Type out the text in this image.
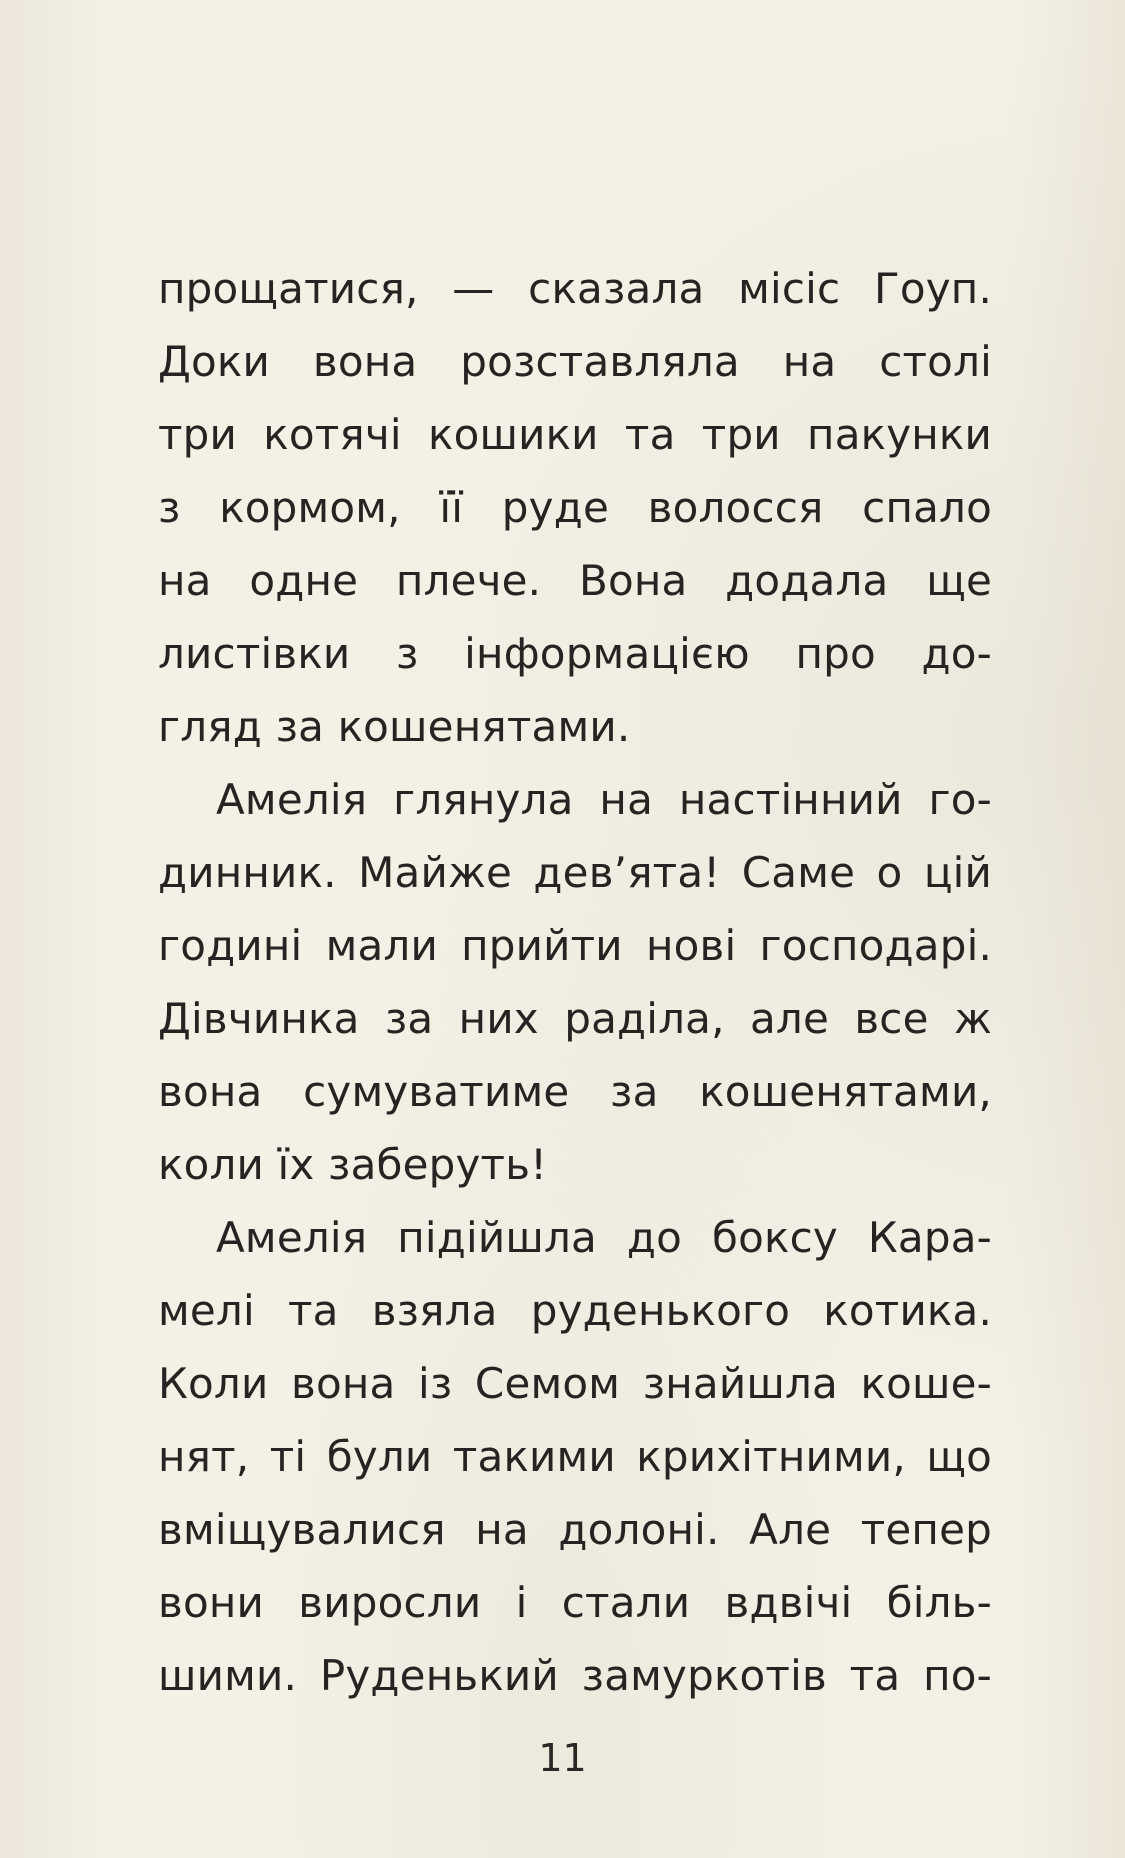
прощатися, — сказала місіс Гоуп.
Доки вона розставляла на столі
три котячі кошики та три пакунки
з кормом, її руде волосся спало
на одне плече. Вона додала ще
листівки з інформацією про до-
гляд за кошенятами.
Амелія глянула на настінний го-
динник. Майже дев’ята! Саме о цій
годині мали прийти нові господарі.
Дівчинка за них раділа, але все ж
вона сумуватиме за кошенятами,
коли їх заберуть!
Амелія підійшла до боксу Кара-
мелі та взяла руденького котика.
Коли вона із Семом знайшла коше-
нят, ті були такими крихітними, що
вміщувалися на долоні. Але тепер
вони виросли і стали вдвічі біль-
шими. Руденький замуркотів та по-
11
